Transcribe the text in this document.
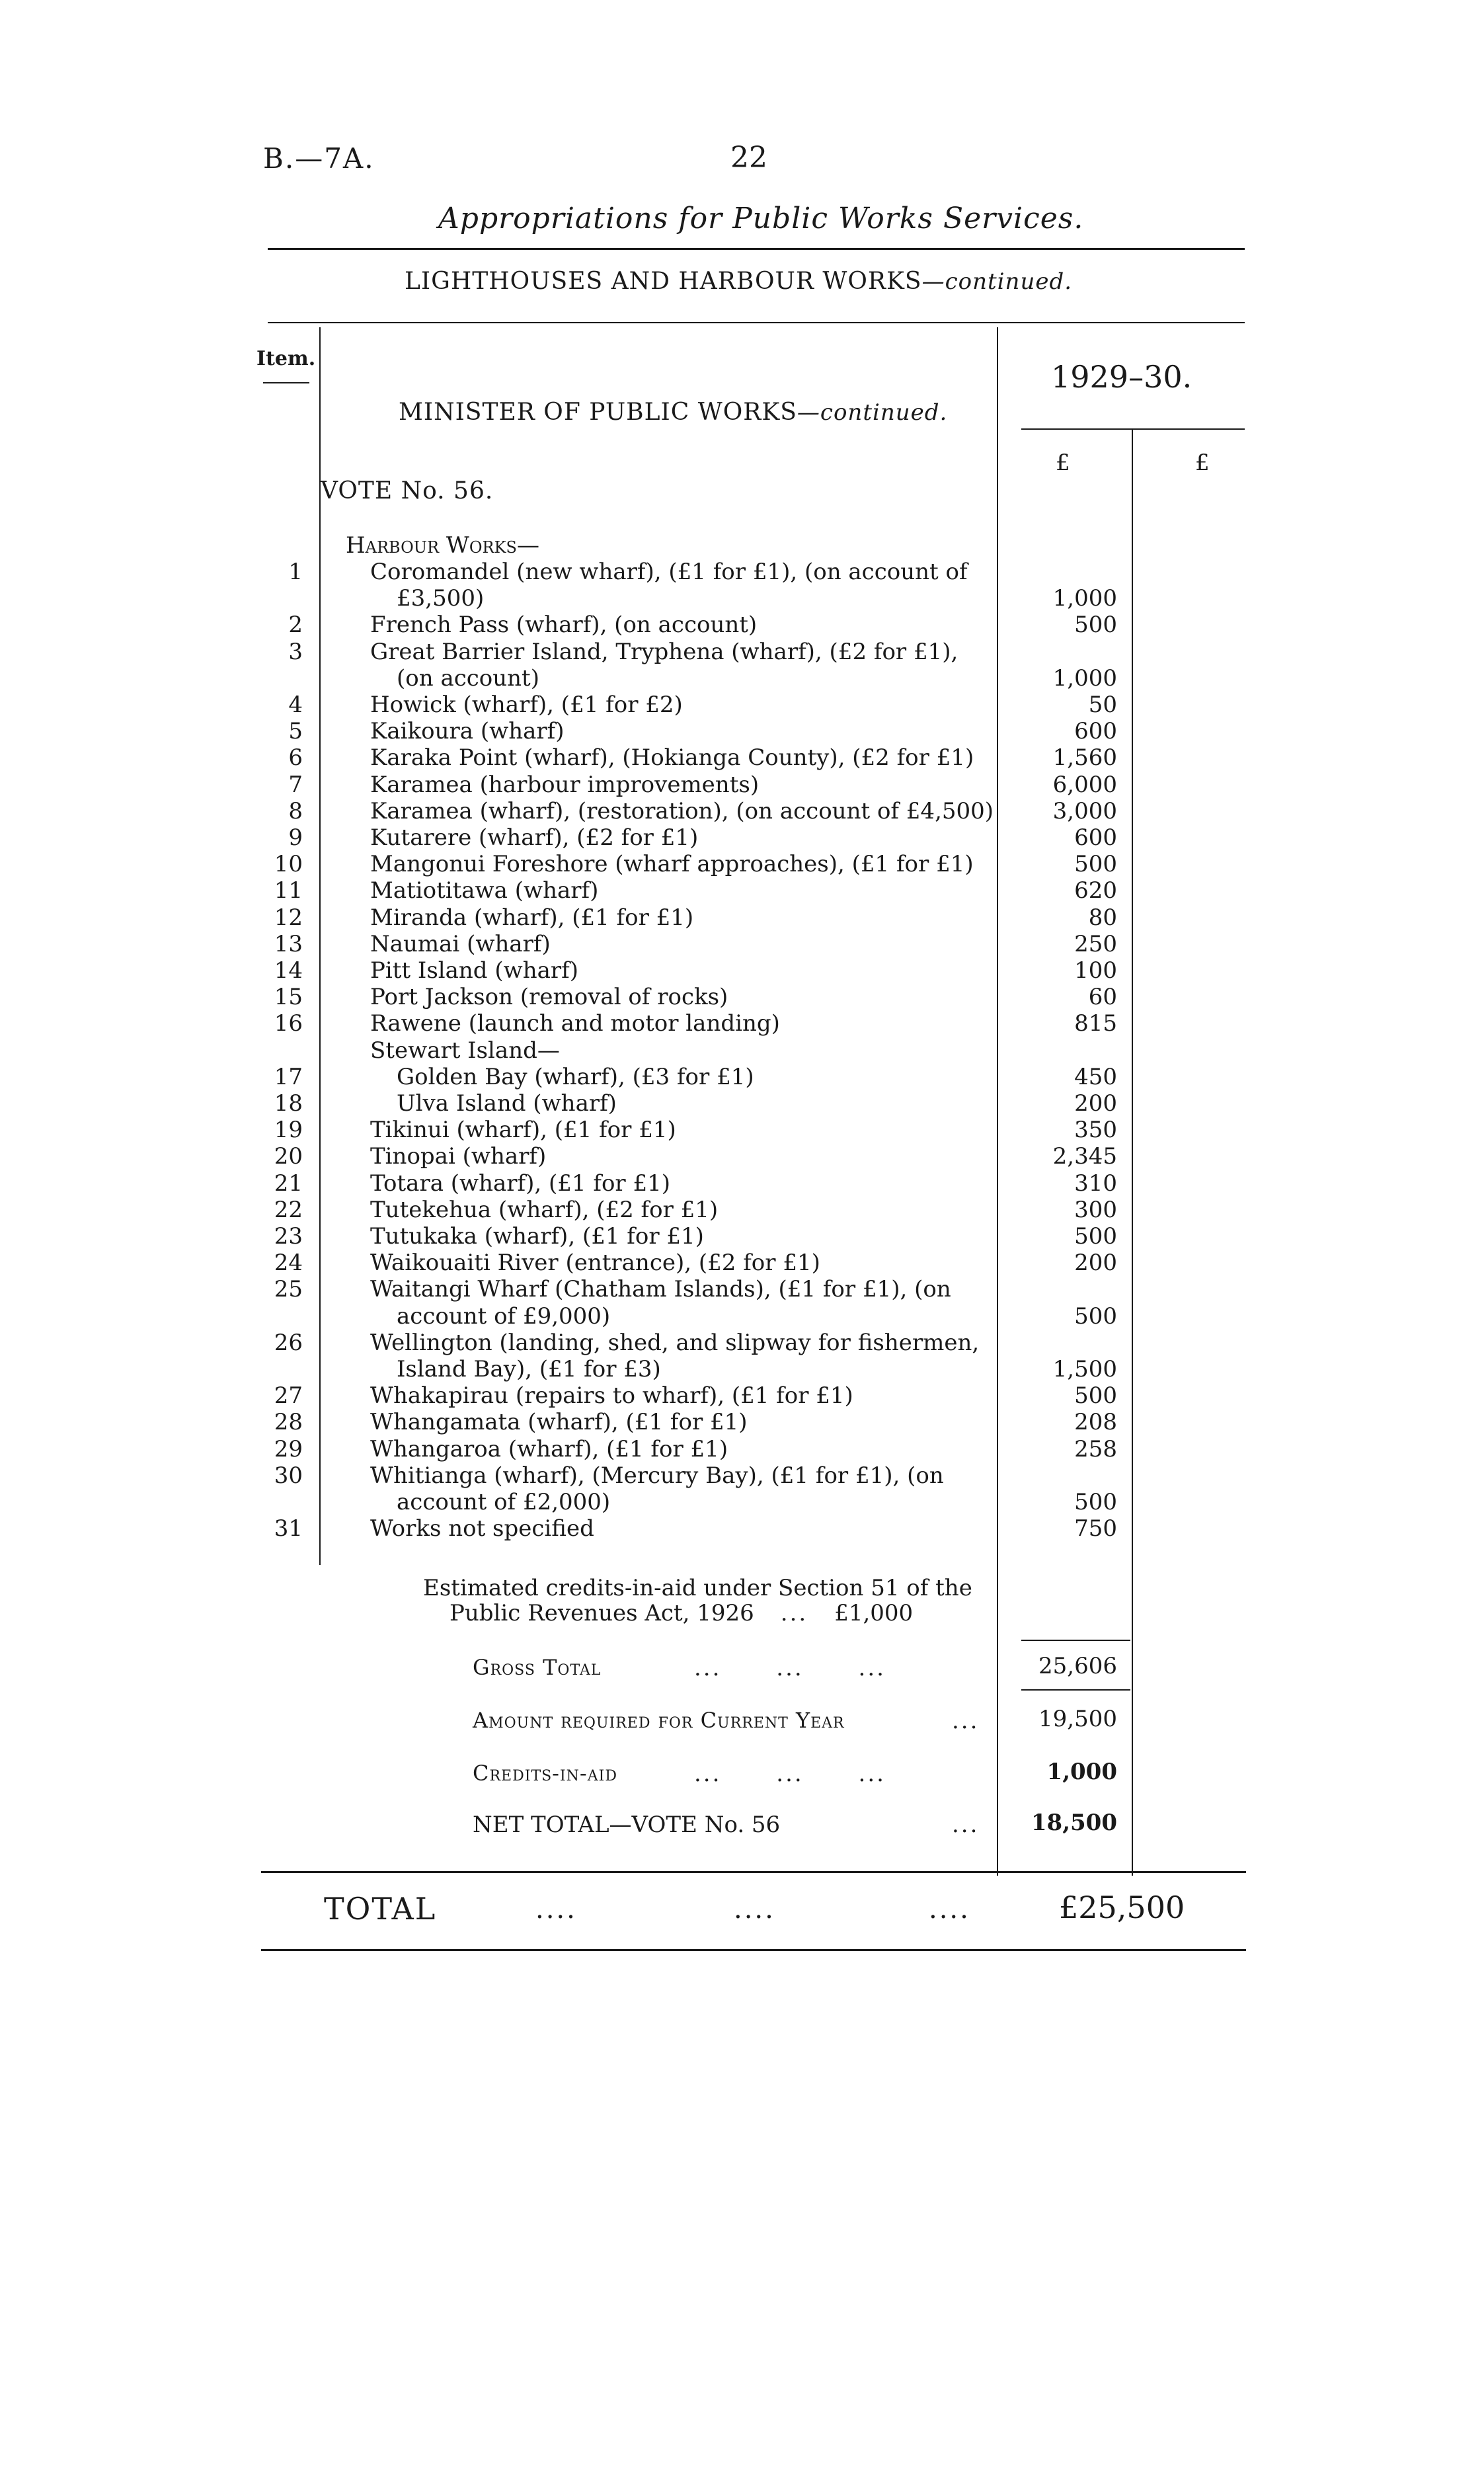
B.—7A.	22
Appropriations for Public Works Services.
LIGHTHOUSES AND HARBOUR WORKS—continued.
Item.
1929–30.
MINISTER OF PUBLIC WORKS—continued.
£	£
VOTE No. 56.
Harbour Works—
1	Coromandel (new wharf), (£1 for £1), (on account of
£3,500)	1,000
2	French Pass (wharf), (on account)	500
3	Great Barrier Island, Tryphena (wharf), (£2 for £1),
(on account)	1,000
4	Howick (wharf), (£1 for £2)	50
5	Kaikoura (wharf)	600
6	Karaka Point (wharf), (Hokianga County), (£2 for £1)	1,560
7	Karamea (harbour improvements)	6,000
8	Karamea (wharf), (restoration), (on account of £4,500)	3,000
9	Kutarere (wharf), (£2 for £1)	600
10	Mangonui Foreshore (wharf approaches), (£1 for £1)	500
11	Matiotitawa (wharf)	620
12	Miranda (wharf), (£1 for £1)	80
13	Naumai (wharf)	250
14	Pitt Island (wharf)	100
15	Port Jackson (removal of rocks)	60
16	Rawene (launch and motor landing)	815
Stewart Island—
17	Golden Bay (wharf), (£3 for £1)	450
18	Ulva Island (wharf)	200
19	Tikinui (wharf), (£1 for £1)	350
20	Tinopai (wharf)	2,345
21	Totara (wharf), (£1 for £1)	310
22	Tutekehua (wharf), (£2 for £1)	300
23	Tutukaka (wharf), (£1 for £1)	500
24	Waikouaiti River (entrance), (£2 for £1)	200
25	Waitangi Wharf (Chatham Islands), (£1 for £1), (on
account of £9,000)	500
26	Wellington (landing, shed, and slipway for fishermen,
Island Bay), (£1 for £3)	1,500
27	Whakapirau (repairs to wharf), (£1 for £1)	500
28	Whangamata (wharf), (£1 for £1)	208
29	Whangaroa (wharf), (£1 for £1)	258
30	Whitianga (wharf), (Mercury Bay), (£1 for £1), (on
account of £2,000)	500
31	Works not specified	750
Estimated credits-in-aid under Section 51 of the
Public Revenues Act, 1926 ... £1,000
Gross Total	...      ...      ...	25,606
Amount required for Current Year	...	19,500
Credits-in-aid	...      ...      ...	1,000
NET TOTAL—VOTE No. 56	... 18,500
TOTAL	....	....	....	£25,500
